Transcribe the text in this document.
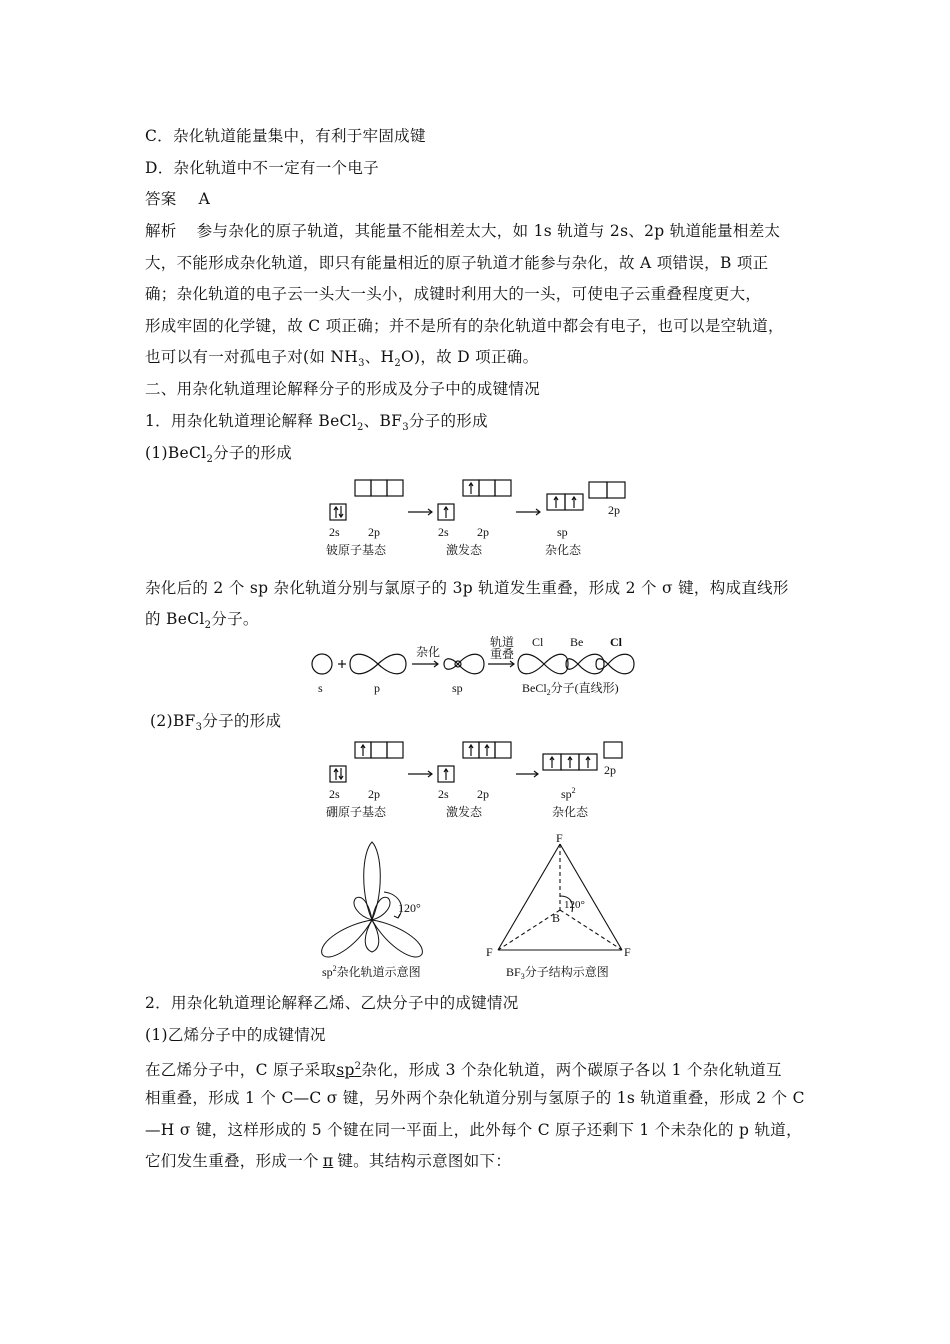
C．杂化轨道能量集中，有利于牢固成键
D．杂化轨道中不一定有一个电子
答案 A
解析 参与杂化的原子轨道，其能量不能相差太大，如 1s 轨道与 2s、2p 轨道能量相差太
大，不能形成杂化轨道，即只有能量相近的原子轨道才能参与杂化，故 A 项错误，B 项正
确；杂化轨道的电子云一头大一头小，成键时利用大的一头，可使电子云重叠程度更大，
形成牢固的化学键，故 C 项正确；并不是所有的杂化轨道中都会有电子，也可以是空轨道，
也可以有一对孤电子对(如 $NH_3$、$H_2O$)，故 D 项正确。
二、用杂化轨道理论解释分子的形成及分子中的成键情况
1．用杂化轨道理论解释 BeCl$_2$、$BF_3$分子的形成
(1)BeCl$_2$分子的形成
2s 2p	2s 2p	sp
2p
铍原子基态	激发态	杂化态
杂化后的 2 个 sp 杂化轨道分别与氯原子的 3p 轨道发生重叠，形成 2 个 σ 键，构成直线形
的 BeCl$_2$分子。
s	p
杂化
sp
轨道
重叠
Cl Be Cl
BeCl$_2$分子(直线形)
$(2)BF_3$分子的形成
2s 2p	2s 2p
2p
$sp^2$
硼原子基态	激发态	杂化态
120°
F
F	F
B
120°
$sp^2$杂化轨道示意图	$BF_3$分子结构示意图
2．用杂化轨道理论解释乙烯、乙炔分子中的成键情况
(1)乙烯分子中的成键情况
在乙烯分子中，C 原子采取$sp^2$杂化，形成 3 个杂化轨道，两个碳原子各以 1 个杂化轨道互
相重叠，形成 1 个 C—C σ 键，另外两个杂化轨道分别与氢原子的 1s 轨道重叠，形成 2 个 C
—H σ 键，这样形成的 5 个键在同一平面上，此外每个 C 原子还剩下 1 个未杂化的 p 轨道，
它们发生重叠，形成一个 π 键。其结构示意图如下：
